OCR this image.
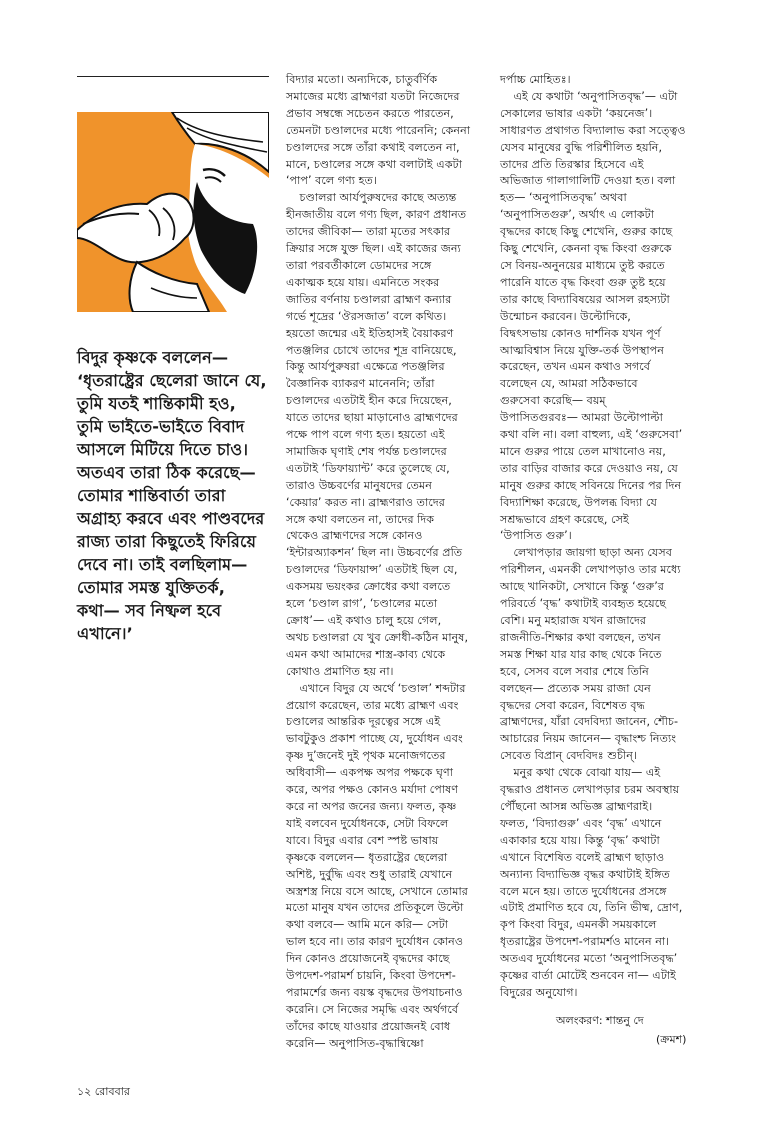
বিদুর কৃষ্ণকে বললেন—
‘ধৃতরাষ্ট্রের ছেলেরা জানে যে,
তুমি যতই শান্তিকামী হও,
তুমি ভাইতে-ভাইতে বিবাদ
আসলে মিটিয়ে দিতে চাও।
অতএব তারা ঠিক করেছে—
তোমার শান্তিবার্তা তারা
অগ্রাহ্য করবে এবং পাণ্ডবদের
রাজ্য তারা কিছুতেই ফিরিয়ে
দেবে না। তাই বলছিলাম—
তোমার সমস্ত যুক্তিতর্ক,
কথা— সব নিষ্ফল হবে
এখানে।’

বিদ্যার মতো। অন্যদিকে, চাতুর্বর্ণিক
সমাজের মধ্যে ব্রাহ্মণরা যতটা নিজেদের
প্রভাব সম্বন্ধে সচেতন করতে পারতেন,
তেমনটা চণ্ডালদের মধ্যে পারেননি; কেননা
চণ্ডালদের সঙ্গে তাঁরা কথাই বলতেন না,
মানে, চণ্ডালের সঙ্গে কথা বলাটাই একটা
‘পাপ’ বলে গণ্য হত।

চণ্ডালরা আর্যপুরুষদের কাছে অত্যন্ত
হীনজাতীয় বলে গণ্য ছিল, কারণ প্রধানত
তাদের জীবিকা— তারা মৃতের সৎকার
ক্রিয়ার সঙ্গে যুক্ত ছিল। এই কাজের জন্য
তারা পরবর্তীকালে ডোমদের সঙ্গে
একাত্মক হয়ে যায়। এমনিতে সংকর
জাতির বর্ণনায় চণ্ডালরা ব্রাহ্মণ কন্যার
গর্ভে শূদ্রের ‘ঔরসজাত’ বলে কথিত।
হয়তো জন্মের এই ইতিহাসই বৈয়াকরণ
পতঞ্জলির চোখে তাদের শূদ্র বানিয়েছে,
কিন্তু আর্যপুরুষরা এক্ষেত্রে পতঞ্জলির
বৈজ্ঞানিক ব্যাকরণ মানেননি; তাঁরা
চণ্ডালদের এতটাই হীন করে দিয়েছেন,
যাতে তাদের ছায়া মাড়ানোও ব্রাহ্মণদের
পক্ষে পাপ বলে গণ্য হত। হয়তো এই
সামাজিক ঘৃণাই শেষ পর্যন্ত চণ্ডালদের
এতটাই ‘ডিফায়্যান্ট’ করে তুলেছে যে,
তারাও উচ্চবর্ণের মানুষদের তেমন
‘কেয়ার’ করত না। ব্রাহ্মণরাও তাদের
সঙ্গে কথা বলতেন না, তাদের দিক
থেকেও ব্রাহ্মণদের সঙ্গে কোনও
‘ইন্টারঅ্যাকশন’ ছিল না। উচ্চবর্ণের প্রতি
চণ্ডালদের ‘ডিফায়ান্স’ এতটাই ছিল যে,
একসময় ভয়ংকর ক্রোধের কথা বলতে
হলে ‘চণ্ডাল রাগ’, ‘চণ্ডালের মতো
ক্রোধ’— এই কথাও চালু হয়ে গেল,
অথচ চণ্ডালরা যে খুব ক্রোধী-কঠিন মানুষ,
এমন কথা আমাদের শাস্ত্র-কাব্য থেকে
কোথাও প্রমাণিত হয় না।

এখানে বিদুর যে অর্থে ‘চণ্ডাল’ শব্দটার
প্রয়োগ করেছেন, তার মধ্যে ব্রাহ্মণ এবং
চণ্ডালের আন্তরিক দূরত্বের সঙ্গে এই
ভাবটুকুও প্রকাশ পাচ্ছে যে, দুর্যোধন এবং
কৃষ্ণ দু’জনেই দুই পৃথক মনোজগতের
অধিবাসী— একপক্ষ অপর পক্ষকে ঘৃণা
করে, অপর পক্ষও কোনও মর্যাদা পোষণ
করে না অপর জনের জন্য। ফলত, কৃষ্ণ
যাই বলবেন দুর্যোধনকে, সেটা বিফলে
যাবে। বিদুর এবার বেশ স্পষ্ট ভাষায়
কৃষ্ণকে বললেন— ধৃতরাষ্ট্রের ছেলেরা
অশিষ্ট, দুর্বুদ্ধি এবং শুধু তারাই যেখানে
অস্ত্রশস্ত্র নিয়ে বসে আছে, সেখানে তোমার
মতো মানুষ যখন তাদের প্রতিকূলে উল্টো
কথা বলবে— আমি মনে করি— সেটা
ভাল হবে না। তার কারণ দুর্যোধন কোনও
দিন কোনও প্রয়োজনেই বৃদ্ধদের কাছে
উপদেশ-পরামর্শ চায়নি, কিংবা উপদেশ-
পরামর্শের জন্য বয়স্ক বৃদ্ধদের উপযাচনাও
করেনি। সে নিজের সমৃদ্ধি এবং অর্থগর্বে
তাঁদের কাছে যাওয়ার প্রয়োজনই বোধ
করেনি— অনুপাসিত-বৃদ্ধান্বিষ্ণো

দর্পাচ্চ মোহিতঃ।

এই যে কথাটা ‘অনুপাসিতবৃদ্ধ’— এটা
সেকালের ভাষার একটা ‘কয়নেজ’।
সাধারণত প্রথাগত বিদ্যালাভ করা সত্ত্বেও
যেসব মানুষের বুদ্ধি পরিশীলিত হয়নি,
তাদের প্রতি তিরস্কার হিসেবে এই
অভিজাত গালাগালিটি দেওয়া হত। বলা
হত— ‘অনুপাসিতবৃদ্ধ’ অথবা
‘অনুপাসিতগুরু’, অর্থাৎ এ লোকটা
বৃদ্ধদের কাছে কিছু শেখেনি, গুরুর কাছে
কিছু শেখেনি, কেননা বৃদ্ধ কিংবা গুরুকে
সে বিনয়-অনুনয়ের মাধ্যমে তুষ্ট করতে
পারেনি যাতে বৃদ্ধ কিংবা গুরু তুষ্ট হয়ে
তার কাছে বিদ্যাবিষয়ের আসল রহস্যটা
উন্মোচন করবেন। উল্টোদিকে,
বিদ্বৎসভায় কোনও দার্শনিক যখন পূর্ণ
আত্মবিশ্বাস নিয়ে যুক্তি-তর্ক উপস্থাপন
করেছেন, তখন এমন কথাও সগর্বে
বলেছেন যে, আমরা সঠিকভাবে
গুরুসেবা করেছি— বয়ম্
উপাসিতগুরবঃ— আমরা উল্টোপাল্টা
কথা বলি না। বলা বাহুল্য, এই ‘গুরুসেবা’
মানে গুরুর পায়ে তেল মাখানোও নয়,
তার বাড়ির বাজার করে দেওয়াও নয়, যে
মানুষ গুরুর কাছে সবিনয়ে দিনের পর দিন
বিদ্যাশিক্ষা করেছে, উপলব্ধ বিদ্যা যে
সশ্রদ্ধভাবে গ্রহণ করেছে, সেই
‘উপাসিত গুরু’।

লেখাপড়ার জায়গা ছাড়া অন্য যেসব
পরিশীলন, এমনকী লেখাপড়াও তার মধ্যে
আছে খানিকটা, সেখানে কিন্তু ‘গুরু’র
পরিবর্তে ‘বৃদ্ধ’ কথাটাই ব্যবহৃত হয়েছে
বেশি। মনু মহারাজ যখন রাজাদের
রাজনীতি-শিক্ষার কথা বলছেন, তখন
সমস্ত শিক্ষা যার যার কাছ থেকে নিতে
হবে, সেসব বলে সবার শেষে তিনি
বলছেন— প্রত্যেক সময় রাজা যেন
বৃদ্ধদের সেবা করেন, বিশেষত বৃদ্ধ
ব্রাহ্মণদের, যাঁরা বেদবিদ্যা জানেন, শৌচ-
আচারের নিয়ম জানেন— বৃদ্ধাংশ্চ নিত্যং
সেবেত বিপ্রান্ বেদবিদঃ শুচীন্।

মনুর কথা থেকে বোঝা যায়— এই
বৃদ্ধরাও প্রধানত লেখাপড়ার চরম অবস্থায়
পৌঁছনো আসন্ন অভিজ্ঞ ব্রাহ্মণরাই।
ফলত, ‘বিদ্যাগুরু’ এবং ‘বৃদ্ধ’ এখানে
একাকার হয়ে যায়। কিন্তু ‘বৃদ্ধ’ কথাটা
এখানে বিশেষিত বলেই ব্রাহ্মণ ছাড়াও
অন্যান্য বিদ্যাভিজ্ঞ বৃদ্ধর কথাটাই ইঙ্গিত
বলে মনে হয়। তাতে দুর্যোধনের প্রসঙ্গে
এটাই প্রমাণিত হবে যে, তিনি ভীষ্ম, দ্রোণ,
কৃপ কিংবা বিদুর, এমনকী সময়কালে
ধৃতরাষ্ট্রের উপদেশ-পরামর্শও মানেন না।
অতএব দুর্যোধনের মতো ‘অনুপাসিতবৃদ্ধ’
কৃষ্ণের বার্তা মোটেই শুনবেন না— এটাই
বিদুরের অনুযোগ।

অলংকরণ: শান্তনু দে
(ক্রমশ)
১২ রোববার
